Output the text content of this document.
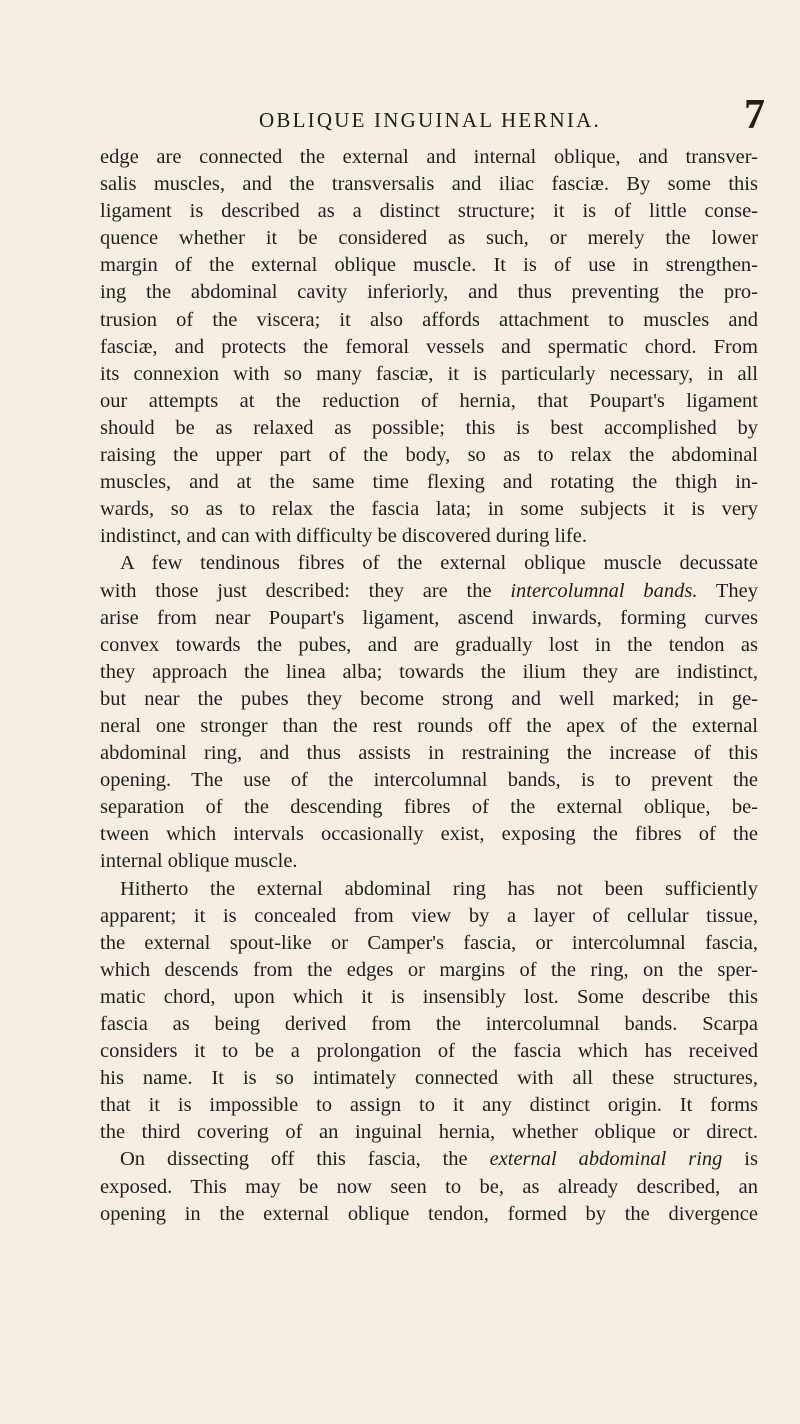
OBLIQUE INGUINAL HERNIA.	7
edge are connected the external and internal oblique, and transver-
salis muscles, and the transversalis and iliac fasciæ. By some this
ligament is described as a distinct structure; it is of little conse-
quence whether it be considered as such, or merely the lower
margin of the external oblique muscle. It is of use in strengthen-
ing the abdominal cavity inferiorly, and thus preventing the pro-
trusion of the viscera; it also affords attachment to muscles and
fasciæ, and protects the femoral vessels and spermatic chord. From
its connexion with so many fasciæ, it is particularly necessary, in all
our attempts at the reduction of hernia, that Poupart's ligament
should be as relaxed as possible; this is best accomplished by
raising the upper part of the body, so as to relax the abdominal
muscles, and at the same time flexing and rotating the thigh in-
wards, so as to relax the fascia lata; in some subjects it is very
indistinct, and can with difficulty be discovered during life.
A few tendinous fibres of the external oblique muscle decussate
with those just described: they are the intercolumnal bands. They
arise from near Poupart's ligament, ascend inwards, forming curves
convex towards the pubes, and are gradually lost in the tendon as
they approach the linea alba; towards the ilium they are indistinct,
but near the pubes they become strong and well marked; in ge-
neral one stronger than the rest rounds off the apex of the external
abdominal ring, and thus assists in restraining the increase of this
opening. The use of the intercolumnal bands, is to prevent the
separation of the descending fibres of the external oblique, be-
tween which intervals occasionally exist, exposing the fibres of the
internal oblique muscle.
Hitherto the external abdominal ring has not been sufficiently
apparent; it is concealed from view by a layer of cellular tissue,
the external spout-like or Camper's fascia, or intercolumnal fascia,
which descends from the edges or margins of the ring, on the sper-
matic chord, upon which it is insensibly lost. Some describe this
fascia as being derived from the intercolumnal bands. Scarpa
considers it to be a prolongation of the fascia which has received
his name. It is so intimately connected with all these structures,
that it is impossible to assign to it any distinct origin. It forms
the third covering of an inguinal hernia, whether oblique or direct.
On dissecting off this fascia, the external abdominal ring is
exposed. This may be now seen to be, as already described, an
opening in the external oblique tendon, formed by the divergence
